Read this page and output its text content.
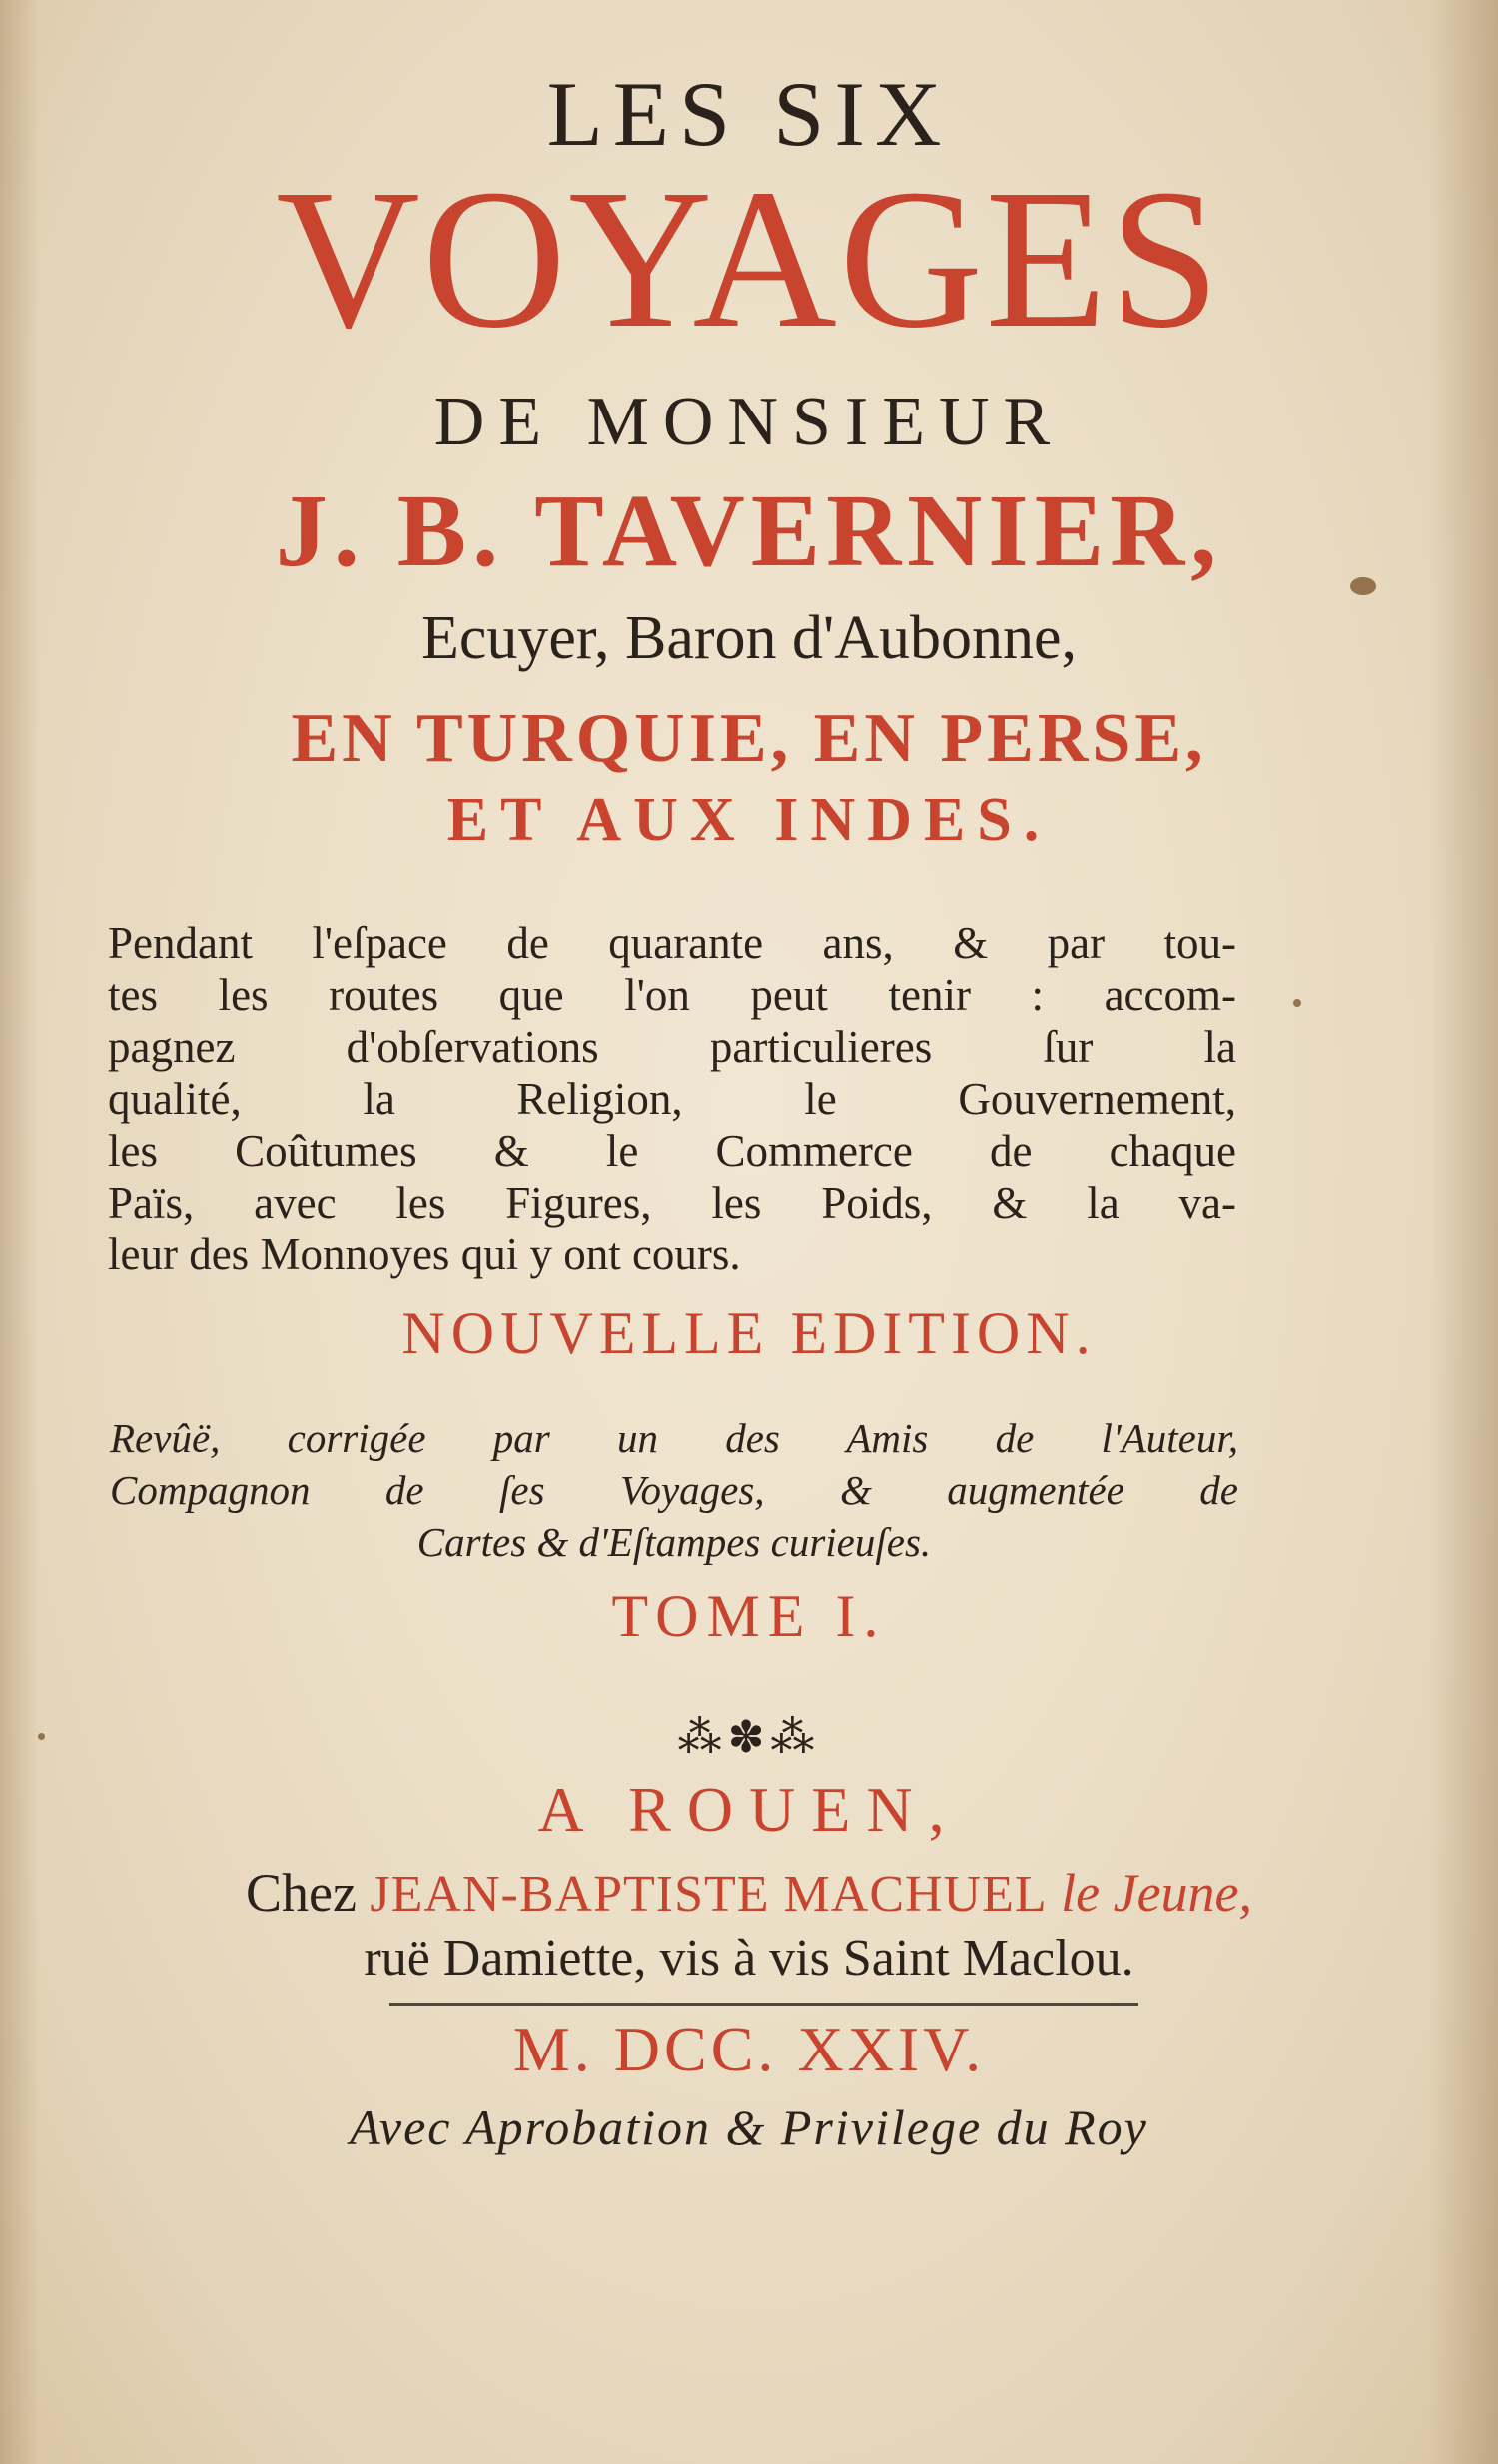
LES SIX
VOYAGES
DE MONSIEUR
J. B. TAVERNIER,
Ecuyer, Baron d'Aubonne,
EN TURQUIE, EN PERSE,
ET AUX INDES.
Pendant l'eſpace de quarante ans, & par tou-
tes les routes que l'on peut tenir : accom-
pagnez d'obſervations particulieres ſur la
qualité, la Religion, le Gouvernement,
les Coûtumes & le Commerce de chaque
Païs, avec les Figures, les Poids, & la va-
leur des Monnoyes qui y ont cours.
NOUVELLE EDITION.
Revûë, corrigée par un des Amis de l'Auteur,
Compagnon de ſes Voyages, & augmentée de
Cartes & d'Eſtampes curieuſes.
TOME I.
⁂✽⁂
A ROUEN,
Chez JEAN-BAPTISTE MACHUEL le Jeune,
ruë Damiette, vis à vis Saint Maclou.
M. DCC. XXIV.
Avec Aprobation & Privilege du Roy
